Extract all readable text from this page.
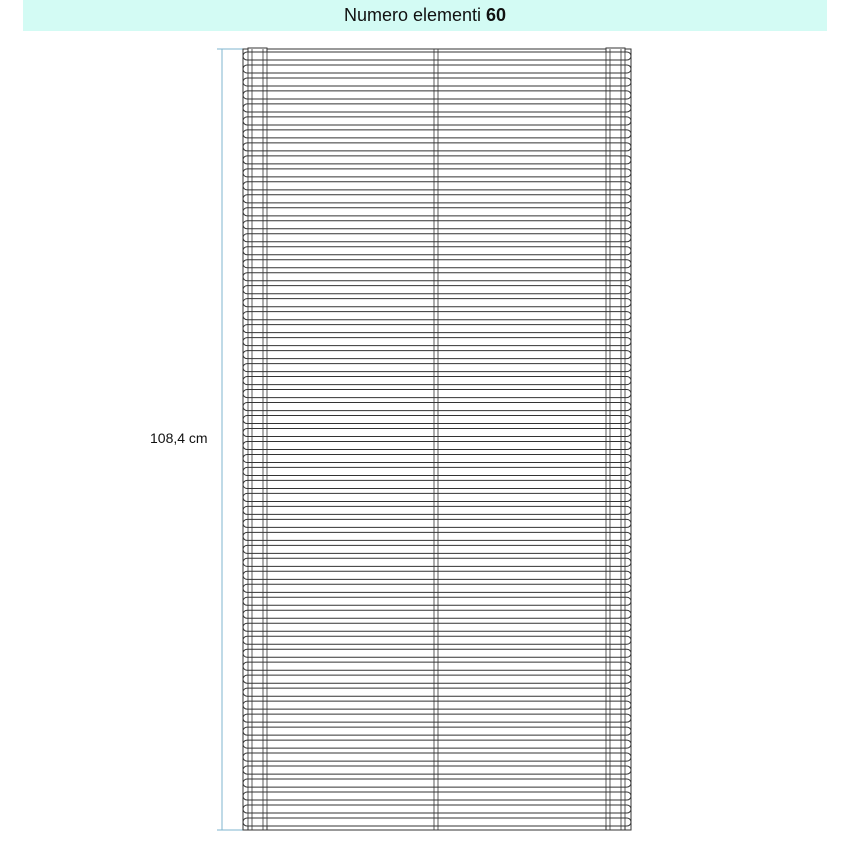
Numero elementi 60
108,4 cm
